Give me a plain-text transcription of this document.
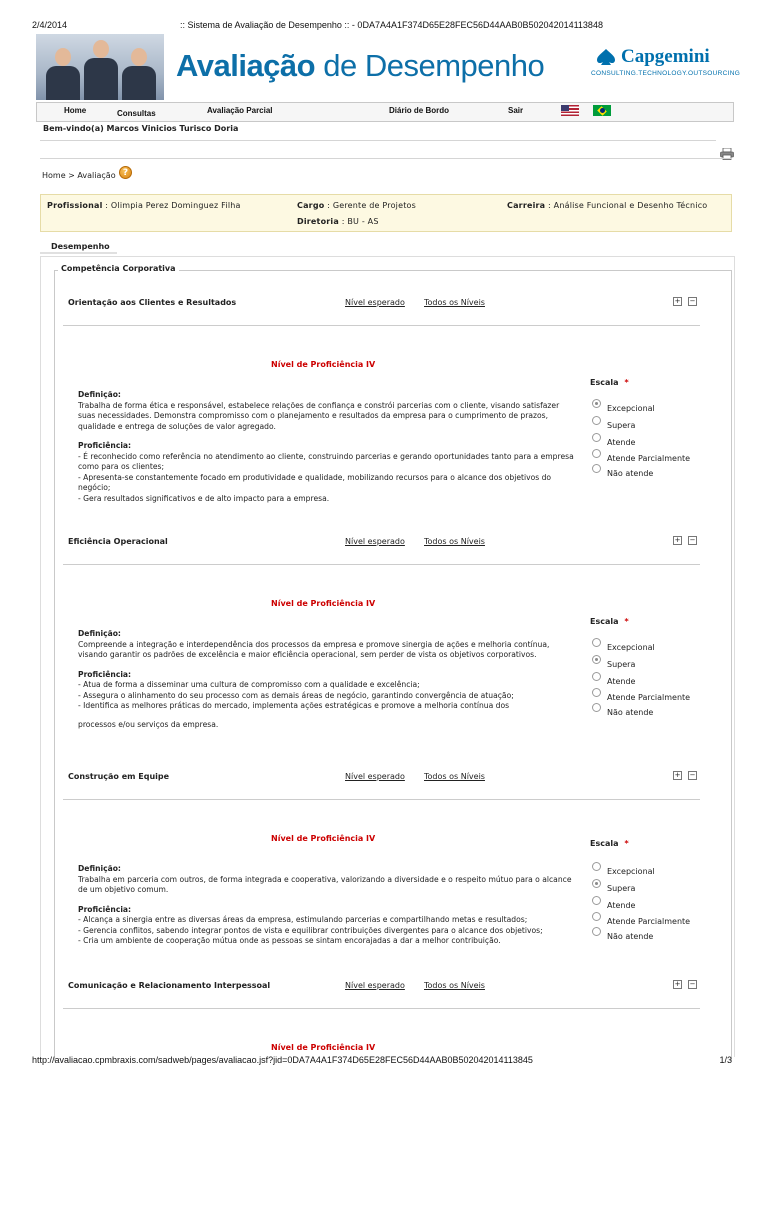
2/4/2014	:: Sistema de Avaliação de Desempenho :: - 0DA7A4A1F374D65E28FEC56D44AAB0B502042014113848
Avaliação de Desempenho	Capgemini
CONSULTING.TECHNOLOGY.OUTSOURCING
Home	Consultas	Avaliação Parcial	Diário de Bordo	Sair
Bem-vindo(a) Marcos Vinicios Turisco Doria
Home > Avaliação ?
Profissional : Olimpia Perez Dominguez Filha	Cargo : Gerente de Projetos	Carreira : Análise Funcional e Desenho Técnico
Diretoria : BU - AS
Desempenho
Competência Corporativa
Orientação aos Clientes e Resultados	Nível esperado Todos os Níveis	+ −
Nível de Proficiência IV
Definição:
Trabalha de forma ética e responsável, estabelece relações de confiança e constrói parcerias com o cliente, visando satisfazer suas necessidades. Demonstra compromisso com o planejamento e resultados da empresa para o cumprimento de prazos, qualidade e entrega de soluções de valor agregado.
Proficiência:
- É reconhecido como referência no atendimento ao cliente, construindo parcerias e gerando oportunidades tanto para a empresa como para os clientes;
- Apresenta-se constantemente focado em produtividade e qualidade, mobilizando recursos para o alcance dos objetivos do negócio;
- Gera resultados significativos e de alto impacto para a empresa.
Escala *
Excepcional
Supera
Atende
Atende Parcialmente
Não atende
Eficiência Operacional	Nível esperado Todos os Níveis	+ −
Nível de Proficiência IV
Definição:
Compreende a integração e interdependência dos processos da empresa e promove sinergia de ações e melhoria contínua, visando garantir os padrões de excelência e maior eficiência operacional, sem perder de vista os objetivos corporativos.
Proficiência:
- Atua de forma a disseminar uma cultura de compromisso com a qualidade e excelência;
- Assegura o alinhamento do seu processo com as demais áreas de negócio, garantindo convergência de atuação;
- Identifica as melhores práticas do mercado, implementa ações estratégicas e promove a melhoria contínua dos
processos e/ou serviços da empresa.
Escala *
Excepcional
Supera
Atende
Atende Parcialmente
Não atende
Construção em Equipe	Nível esperado Todos os Níveis	+ −
Nível de Proficiência IV
Definição:
Trabalha em parceria com outros, de forma integrada e cooperativa, valorizando a diversidade e o respeito mútuo para o alcance de um objetivo comum.
Proficiência:
- Alcança a sinergia entre as diversas áreas da empresa, estimulando parcerias e compartilhando metas e resultados;
- Gerencia conflitos, sabendo integrar pontos de vista e equilibrar contribuições divergentes para o alcance dos objetivos;
- Cria um ambiente de cooperação mútua onde as pessoas se sintam encorajadas a dar a melhor contribuição.
Escala *
Excepcional
Supera
Atende
Atende Parcialmente
Não atende
Comunicação e Relacionamento Interpessoal	Nível esperado Todos os Níveis	+ −
Nível de Proficiência IV
http://avaliacao.cpmbraxis.com/sadweb/pages/avaliacao.jsf?jid=0DA7A4A1F374D65E28FEC56D44AAB0B502042014113845	1/3
